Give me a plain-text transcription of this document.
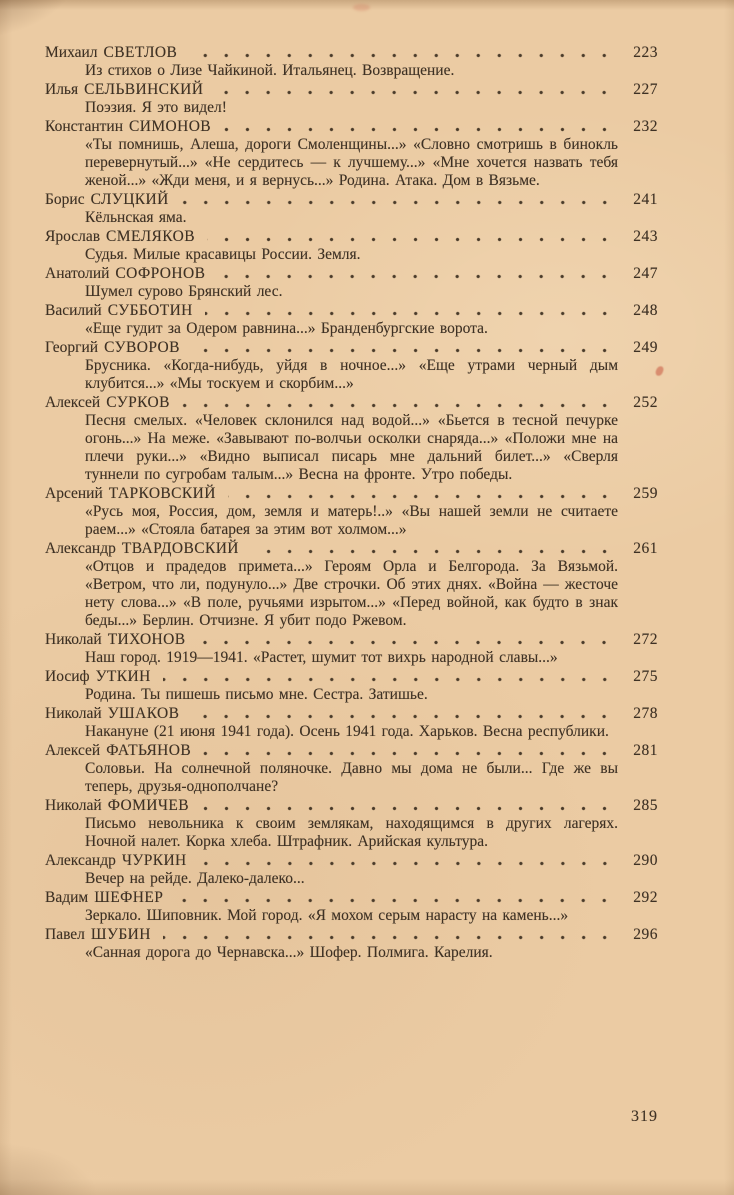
Михаил СВЕТЛОВ	223
Из стихов о Лизе Чайкиной. Итальянец. Возвращение.
Илья СЕЛЬВИНСКИЙ	227
Поэзия. Я это видел!
Константин СИМОНОВ	232
«Ты помнишь, Алеша, дороги Смоленщины...» «Словно смотришь в бинокль перевернутый...» «Не сердитесь — к лучшему...» «Мне хочется назвать тебя женой...» «Жди меня, и я вернусь...» Родина. Атака. Дом в Вязьме.
Борис СЛУЦКИЙ	241
Кёльнская яма.
Ярослав СМЕЛЯКОВ	243
Судья. Милые красавицы России. Земля.
Анатолий СОФРОНОВ	247
Шумел сурово Брянский лес.
Василий СУББОТИН	248
«Еще гудит за Одером равнина...» Бранденбургские ворота.
Георгий СУВОРОВ	249
Брусника. «Когда-нибудь, уйдя в ночное...» «Еще утрами черный дым клубится...» «Мы тоскуем и скорбим...»
Алексей СУРКОВ	252
Песня смелых. «Человек склонился над водой...» «Бьется в тесной печурке огонь...» На меже. «Завывают по-волчьи осколки снаряда...» «Положи мне на плечи руки...» «Видно выписал писарь мне дальний билет...» «Сверля туннели по сугробам талым...» Весна на фронте. Утро победы.
Арсений ТАРКОВСКИЙ	259
«Русь моя, Россия, дом, земля и матерь!..» «Вы нашей земли не считаете раем...» «Стояла батарея за этим вот холмом...»
Александр ТВАРДОВСКИЙ	261
«Отцов и прадедов примета...» Героям Орла и Белгорода. За Вязьмой. «Ветром, что ли, подунуло...» Две строчки. Об этих днях. «Война — жесточе нету слова...» «В поле, ручьями изрытом...» «Перед войной, как будто в знак беды...» Берлин. Отчизне. Я убит подо Ржевом.
Николай ТИХОНОВ	272
Наш город. 1919—1941. «Растет, шумит тот вихрь народной славы...»
Иосиф УТКИН	275
Родина. Ты пишешь письмо мне. Сестра. Затишье.
Николай УШАКОВ	278
Накануне (21 июня 1941 года). Осень 1941 года. Харьков. Весна республики.
Алексей ФАТЬЯНОВ	281
Соловьи. На солнечной поляночке. Давно мы дома не были... Где же вы теперь, друзья-однополчане?
Николай ФОМИЧЕВ	285
Письмо невольника к своим землякам, находящимся в других лагерях. Ночной налет. Корка хлеба. Штрафник. Арийская культура.
Александр ЧУРКИН	290
Вечер на рейде. Далеко-далеко...
Вадим ШЕФНЕР	292
Зеркало. Шиповник. Мой город. «Я мохом серым нарасту на камень...»
Павел ШУБИН	296
«Санная дорога до Чернавска...» Шофер. Полмига. Карелия.
319
